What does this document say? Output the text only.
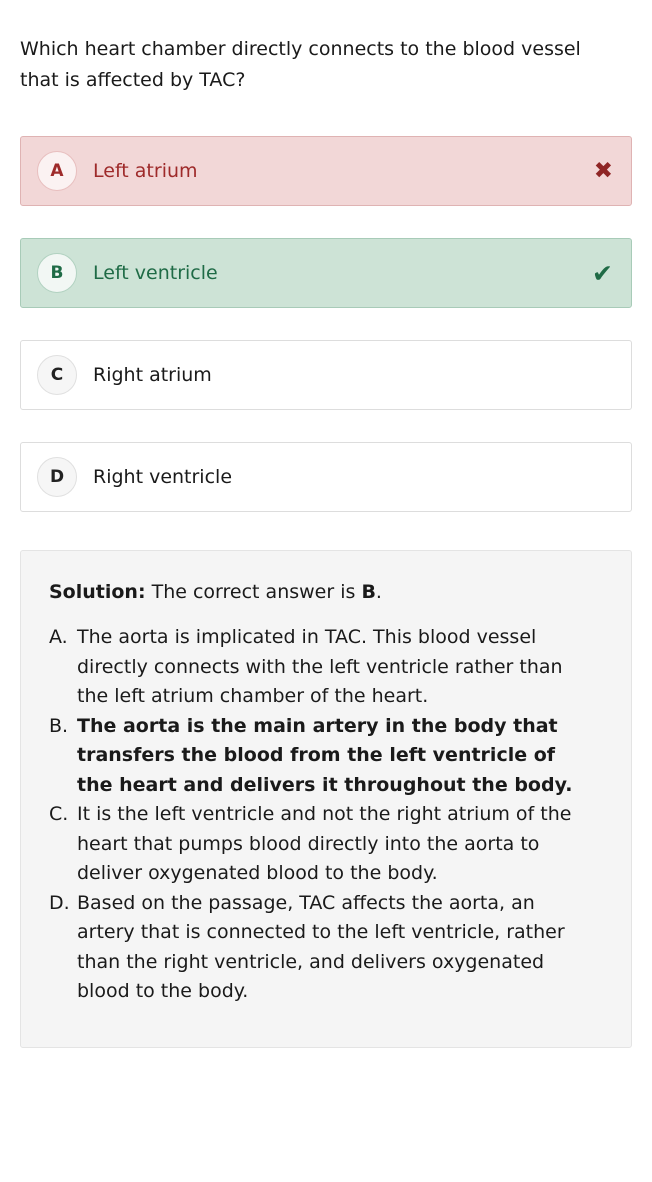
Which heart chamber directly connects to the blood vessel that is affected by TAC?

A	Left atrium	✖
B	Left ventricle	✔
C	Right atrium
D	Right ventricle

Solution: The correct answer is B.

A. The aorta is implicated in TAC. This blood vessel directly connects with the left ventricle rather than the left atrium chamber of the heart.
B. The aorta is the main artery in the body that transfers the blood from the left ventricle of the heart and delivers it throughout the body.
C. It is the left ventricle and not the right atrium of the heart that pumps blood directly into the aorta to deliver oxygenated blood to the body.
D. Based on the passage, TAC affects the aorta, an artery that is connected to the left ventricle, rather than the right ventricle, and delivers oxygenated blood to the body.
